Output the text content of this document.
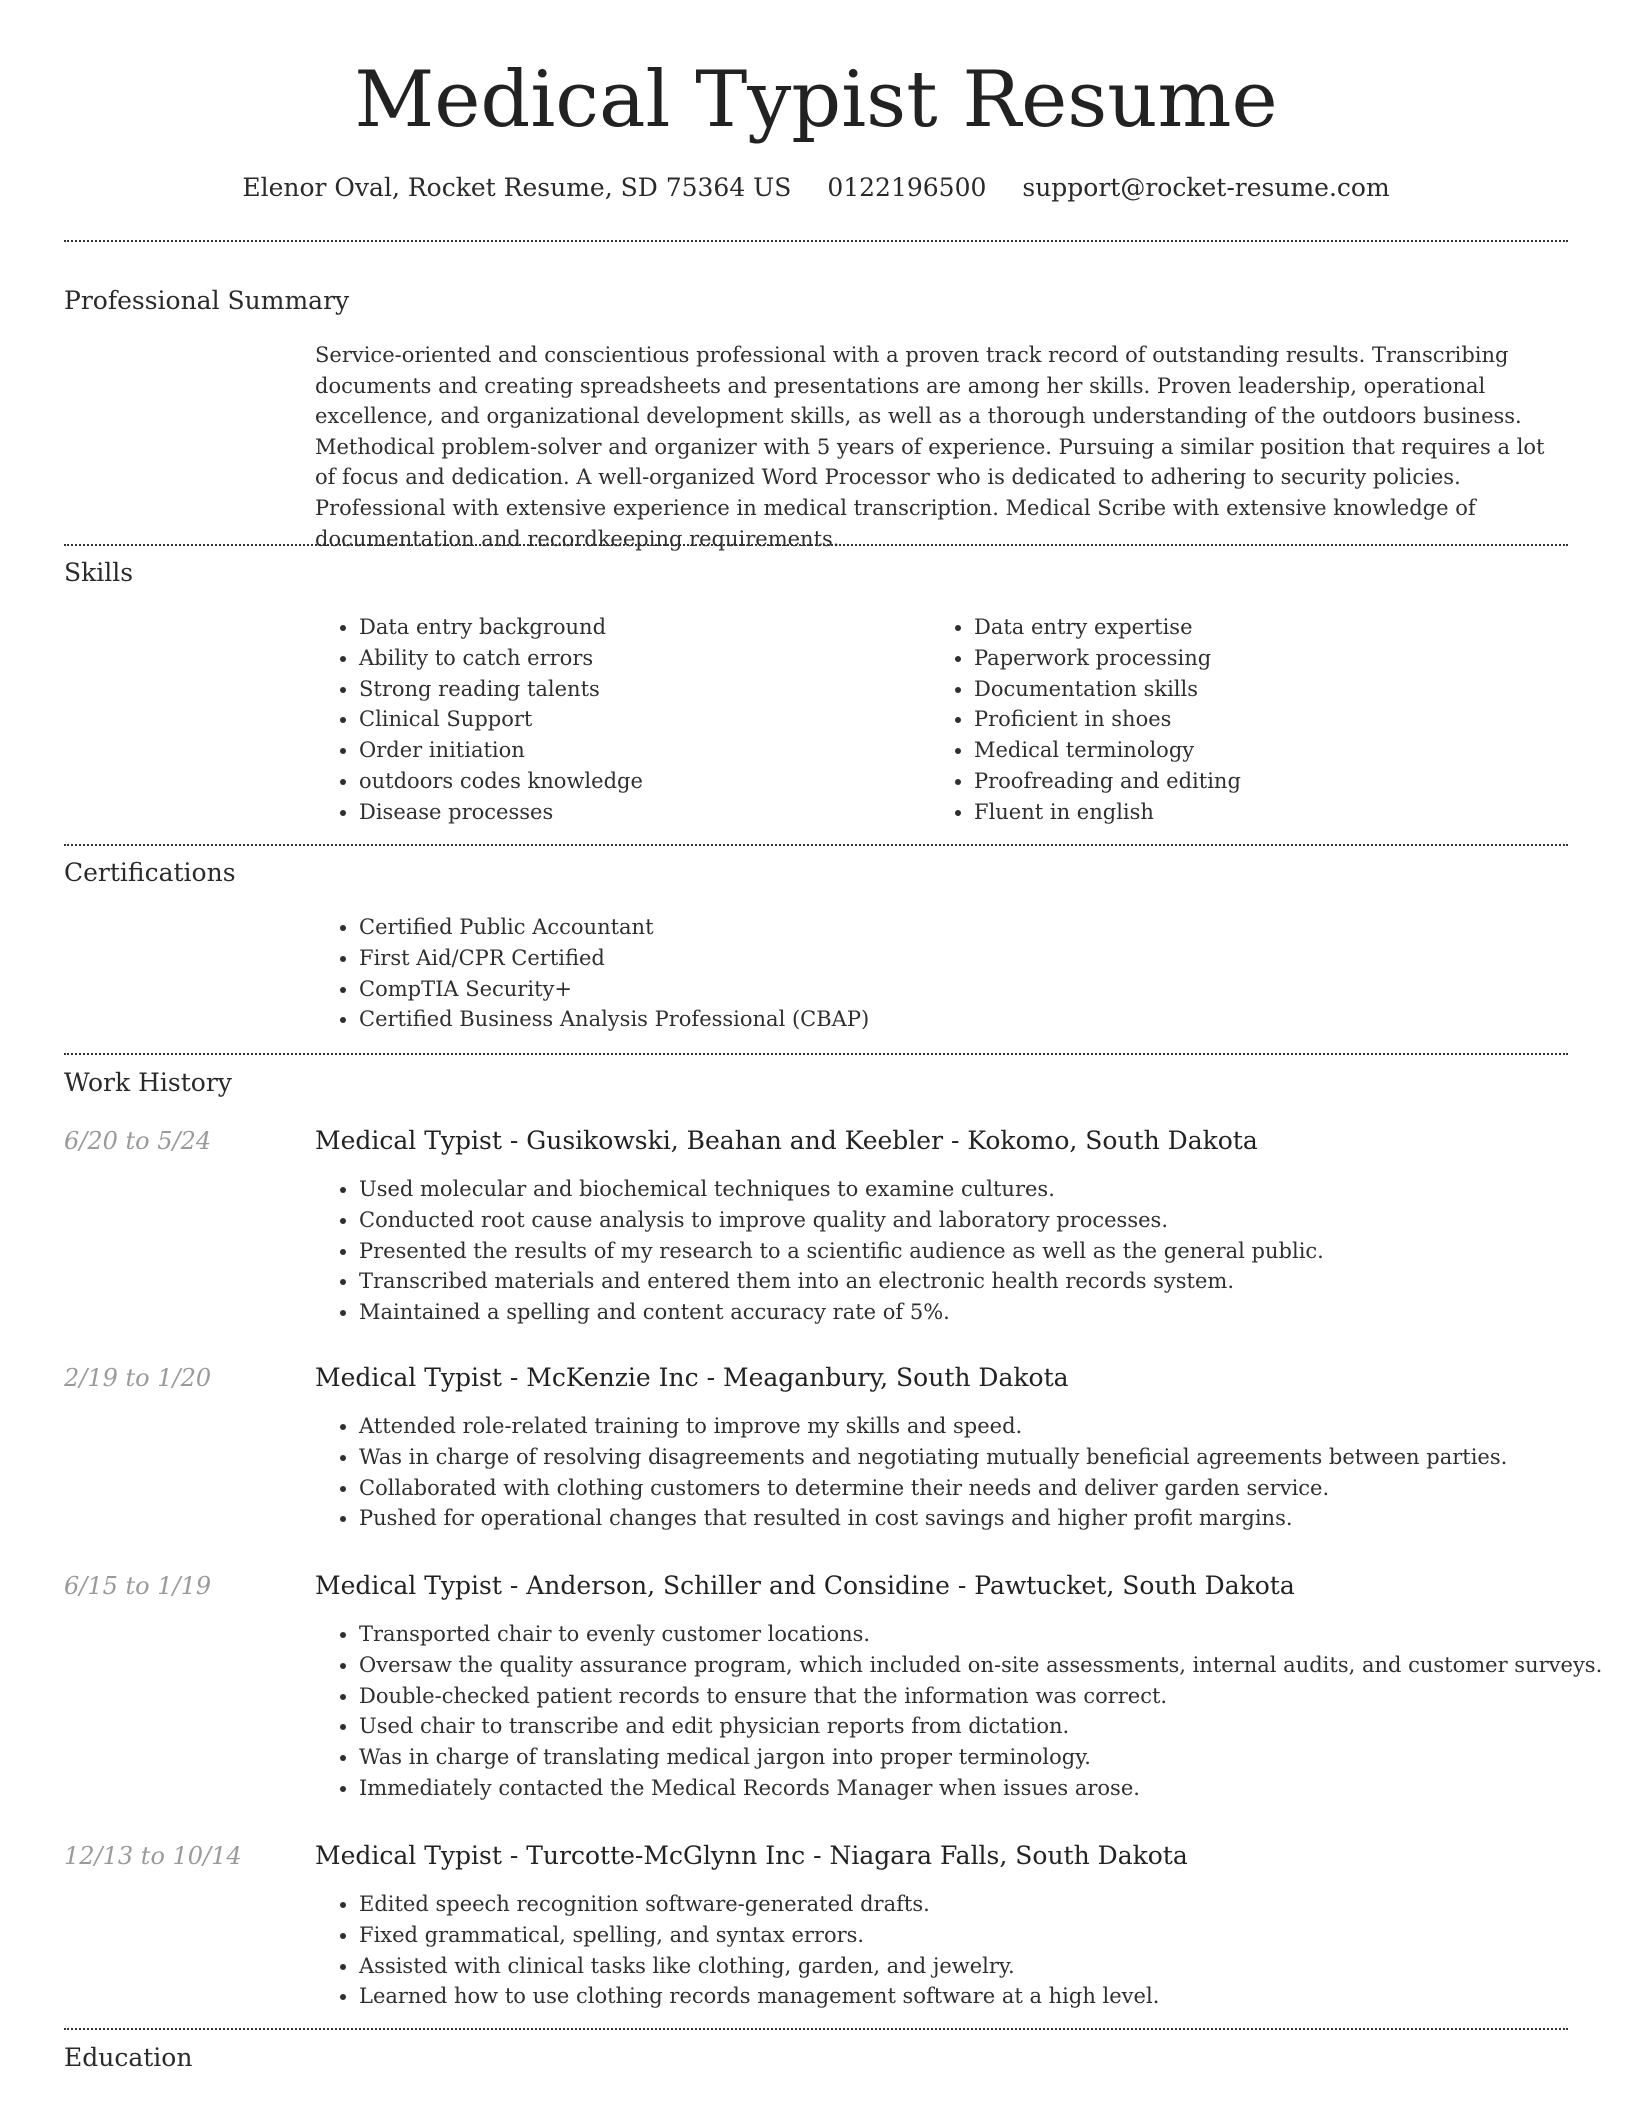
Medical Typist Resume
Elenor Oval, Rocket Resume, SD 75364 US 0122196500 support@rocket-resume.com
Professional Summary

Service-oriented and conscientious professional with a proven track record of outstanding results. Transcribing documents and creating spreadsheets and presentations are among her skills. Proven leadership, operational excellence, and organizational development skills, as well as a thorough understanding of the outdoors business. Methodical problem-solver and organizer with 5 years of experience. Pursuing a similar position that requires a lot of focus and dedication. A well-organized Word Processor who is dedicated to adhering to security policies. Professional with extensive experience in medical transcription. Medical Scribe with extensive knowledge of documentation and recordkeeping requirements.

Skills
• Data entry background
• Ability to catch errors
• Strong reading talents
• Clinical Support
• Order initiation
• outdoors codes knowledge
• Disease processes
• Data entry expertise
• Paperwork processing
• Documentation skills
• Proficient in shoes
• Medical terminology
• Proofreading and editing
• Fluent in english
Certifications
• Certified Public Accountant
• First Aid/CPR Certified
• CompTIA Security+
• Certified Business Analysis Professional (CBAP)
Work History
6/20 to 5/24	Medical Typist - Gusikowski, Beahan and Keebler - Kokomo, South Dakota
• Used molecular and biochemical techniques to examine cultures.
• Conducted root cause analysis to improve quality and laboratory processes.
• Presented the results of my research to a scientific audience as well as the general public.
• Transcribed materials and entered them into an electronic health records system.
• Maintained a spelling and content accuracy rate of 5%.
2/19 to 1/20	Medical Typist - McKenzie Inc - Meaganbury, South Dakota
• Attended role-related training to improve my skills and speed.
• Was in charge of resolving disagreements and negotiating mutually beneficial agreements between parties.
• Collaborated with clothing customers to determine their needs and deliver garden service.
• Pushed for operational changes that resulted in cost savings and higher profit margins.
6/15 to 1/19	Medical Typist - Anderson, Schiller and Considine - Pawtucket, South Dakota
• Transported chair to evenly customer locations.
• Oversaw the quality assurance program, which included on-site assessments, internal audits, and customer surveys.
• Double-checked patient records to ensure that the information was correct.
• Used chair to transcribe and edit physician reports from dictation.
• Was in charge of translating medical jargon into proper terminology.
• Immediately contacted the Medical Records Manager when issues arose.
12/13 to 10/14	Medical Typist - Turcotte-McGlynn Inc - Niagara Falls, South Dakota
• Edited speech recognition software-generated drafts.
• Fixed grammatical, spelling, and syntax errors.
• Assisted with clinical tasks like clothing, garden, and jewelry.
• Learned how to use clothing records management software at a high level.
Education
